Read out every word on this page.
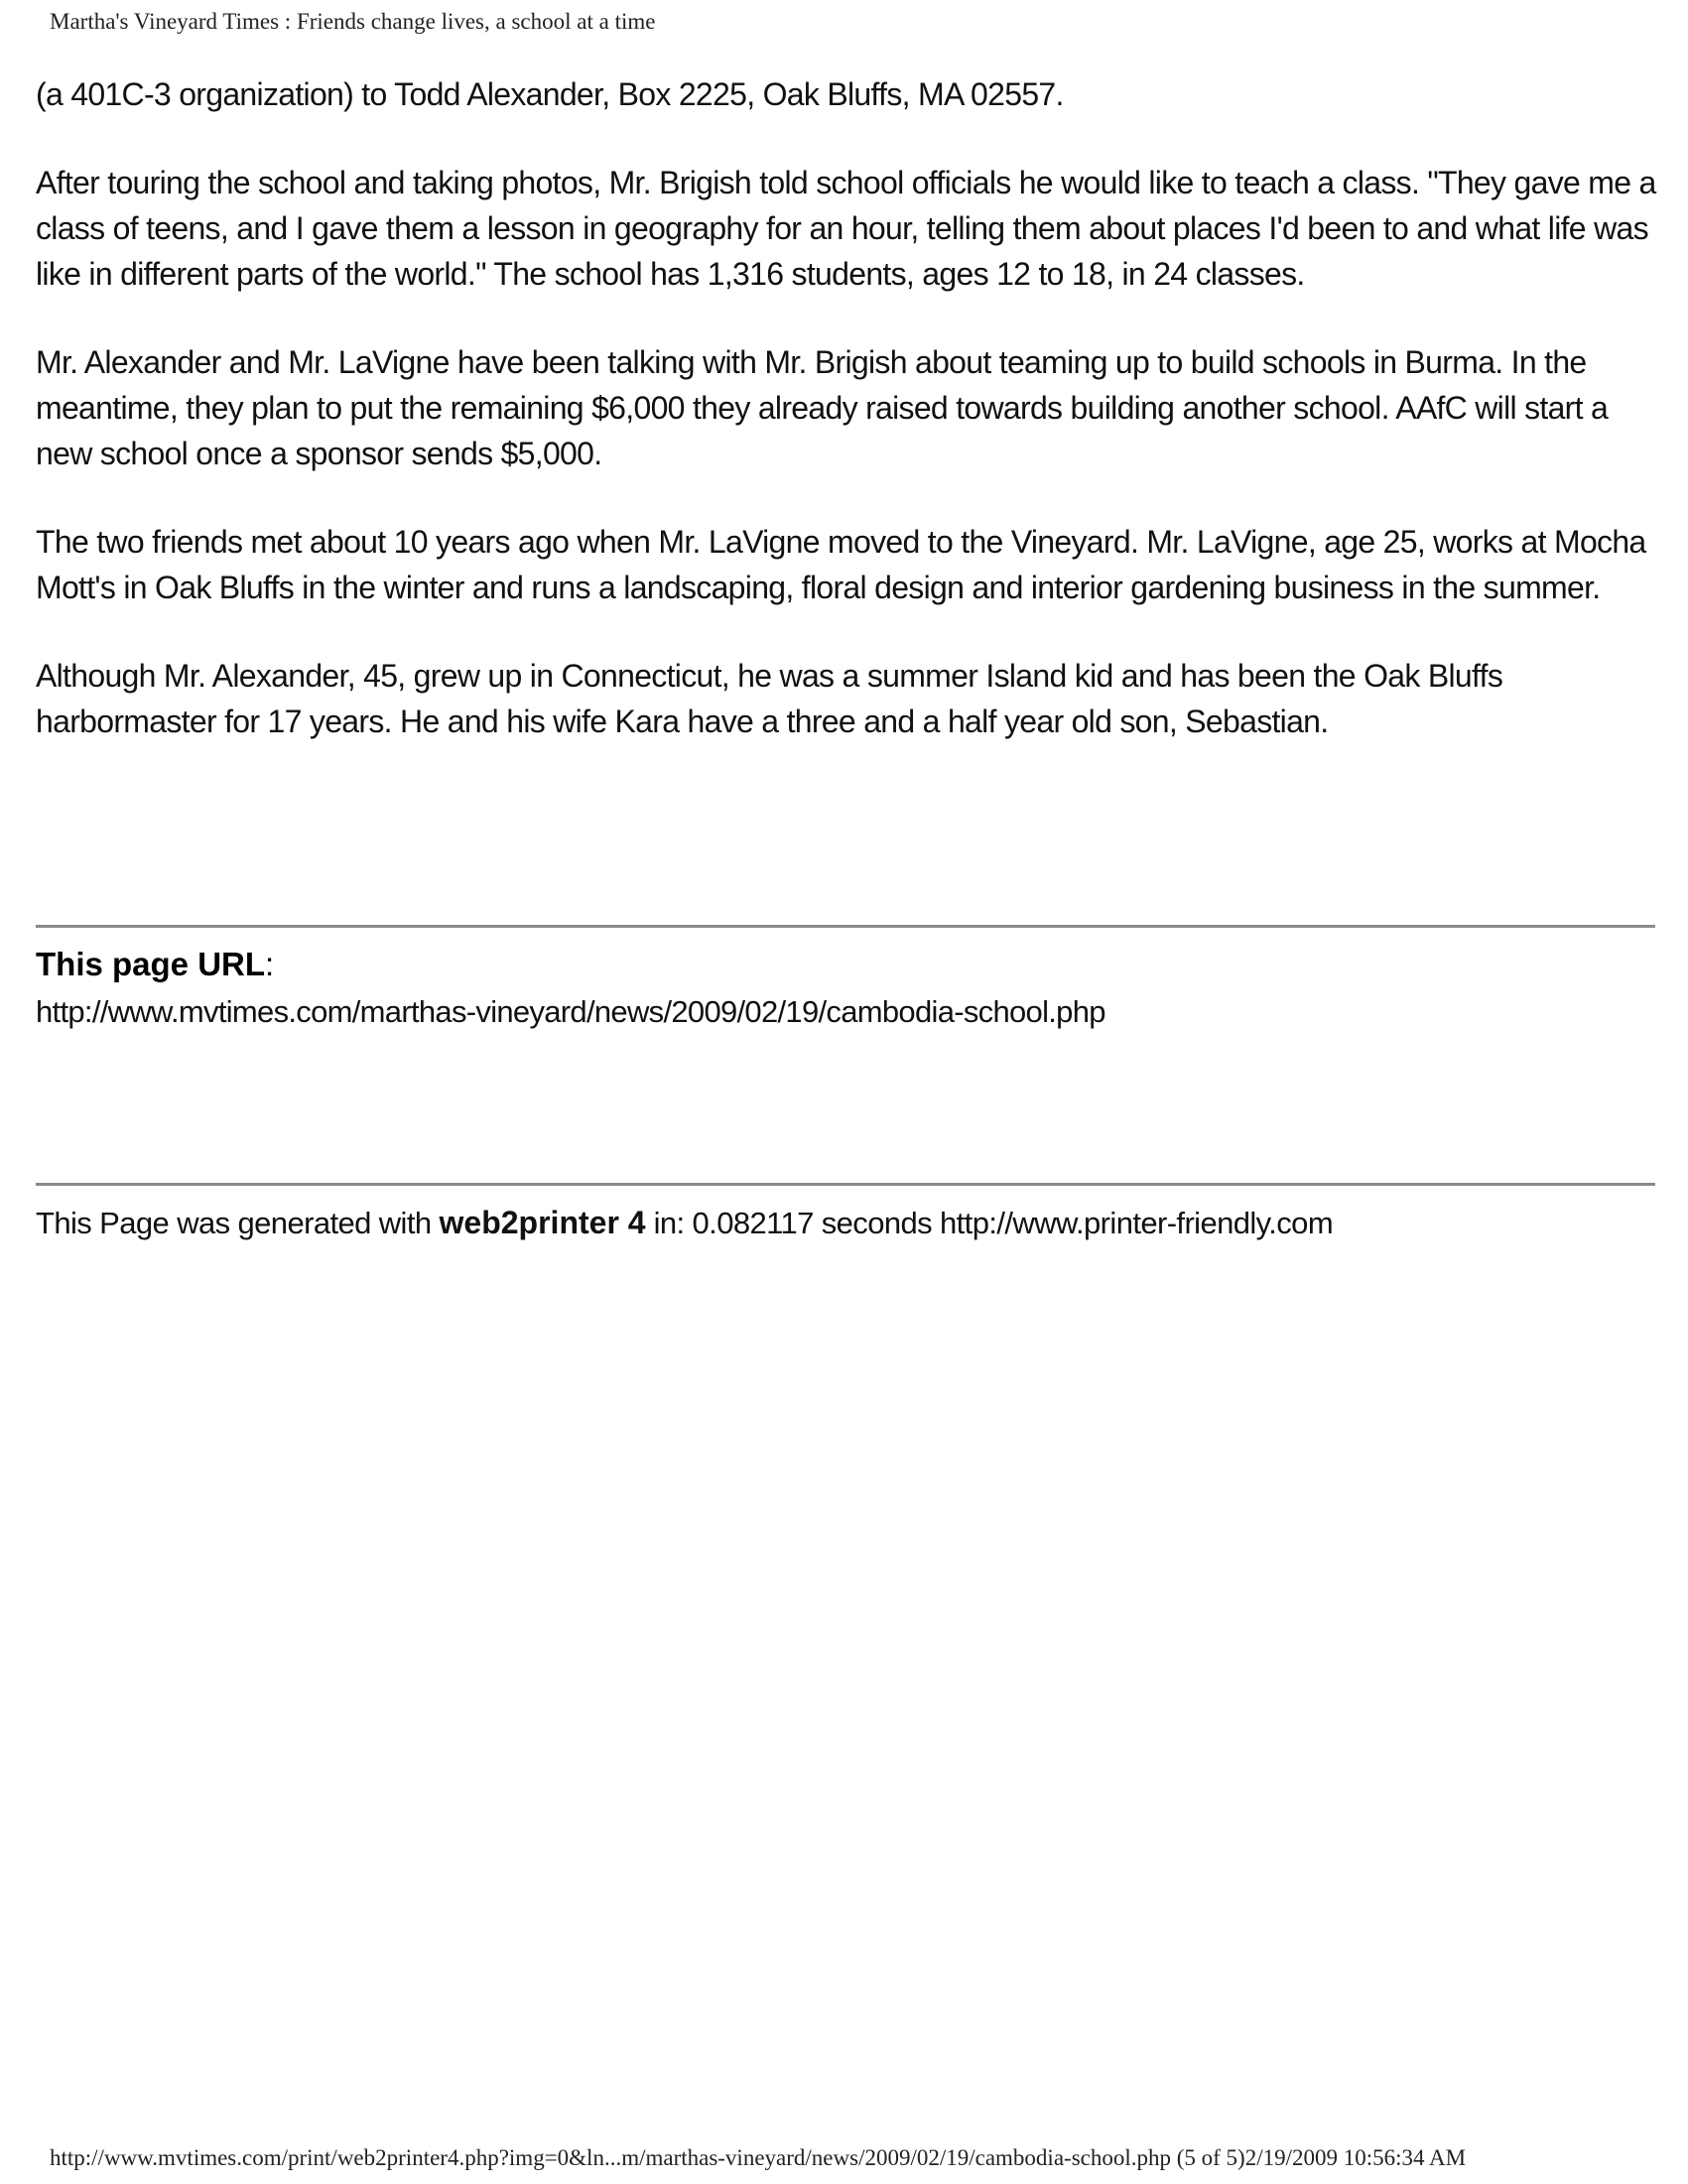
Martha's Vineyard Times : Friends change lives, a school at a time

(a 401C-3 organization) to Todd Alexander, Box 2225, Oak Bluffs, MA 02557.

After touring the school and taking photos, Mr. Brigish told school officials he would like to teach a class. "They gave me a class of teens, and I gave them a lesson in geography for an hour, telling them about places I'd been to and what life was like in different parts of the world." The school has 1,316 students, ages 12 to 18, in 24 classes.

Mr. Alexander and Mr. LaVigne have been talking with Mr. Brigish about teaming up to build schools in Burma. In the meantime, they plan to put the remaining $6,000 they already raised towards building another school. AAfC will start a new school once a sponsor sends $5,000.

The two friends met about 10 years ago when Mr. LaVigne moved to the Vineyard. Mr. LaVigne, age 25, works at Mocha Mott's in Oak Bluffs in the winter and runs a landscaping, floral design and interior gardening business in the summer.

Although Mr. Alexander, 45, grew up in Connecticut, he was a summer Island kid and has been the Oak Bluffs harbormaster for 17 years. He and his wife Kara have a three and a half year old son, Sebastian.

This page URL:
http://www.mvtimes.com/marthas-vineyard/news/2009/02/19/cambodia-school.php
This Page was generated with web2printer 4 in: 0.082117 seconds http://www.printer-friendly.com
http://www.mvtimes.com/print/web2printer4.php?img=0&ln...m/marthas-vineyard/news/2009/02/19/cambodia-school.php (5 of 5)2/19/2009 10:56:34 AM
